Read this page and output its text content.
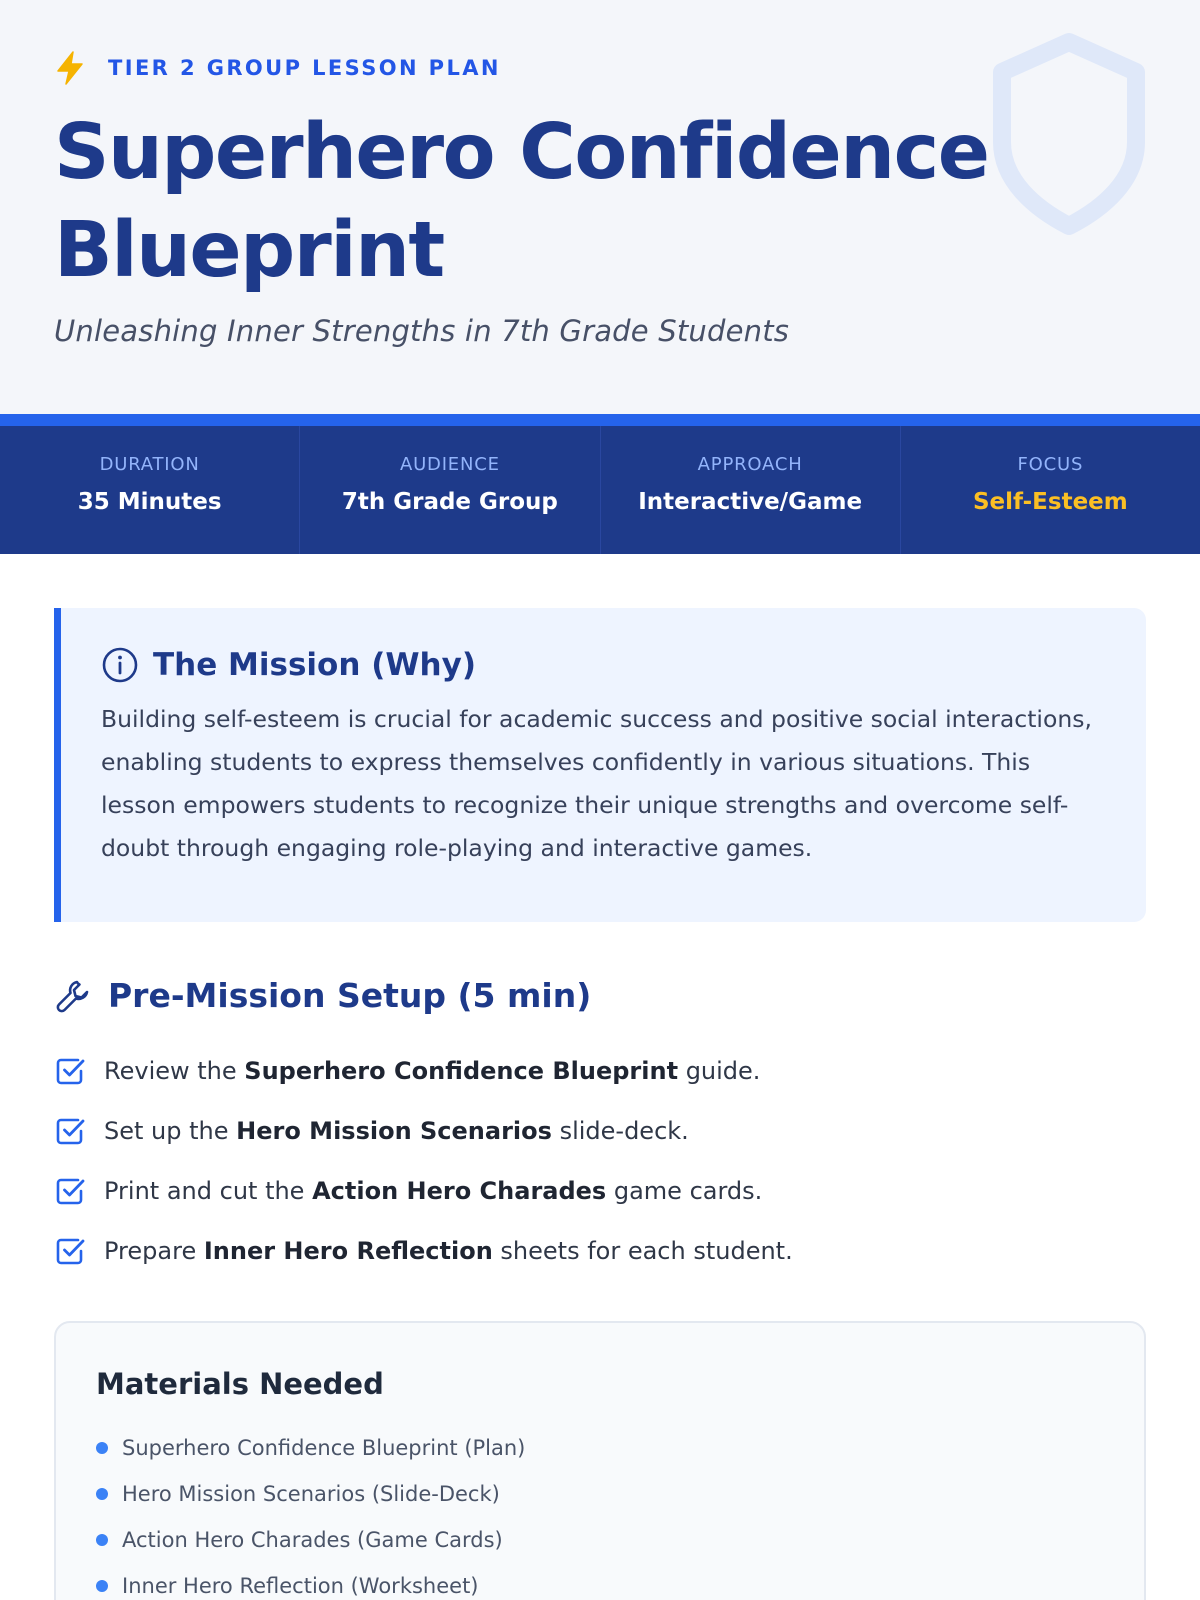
TIER 2 GROUP LESSON PLAN
Superhero Confidence Blueprint
Unleashing Inner Strengths in 7th Grade Students
DURATION
35 Minutes
AUDIENCE
7th Grade Group
APPROACH
Interactive/Game
FOCUS
Self-Esteem
The Mission (Why)

Building self-esteem is crucial for academic success and positive social interactions, enabling students to express themselves confidently in various situations. This lesson empowers students to recognize their unique strengths and overcome self-doubt through engaging role-playing and interactive games.

Pre-Mission Setup (5 min)
Review the Superhero Confidence Blueprint guide.
Set up the Hero Mission Scenarios slide-deck.
Print and cut the Action Hero Charades game cards.
Prepare Inner Hero Reflection sheets for each student.
Materials Needed
Superhero Confidence Blueprint (Plan)
Hero Mission Scenarios (Slide-Deck)
Action Hero Charades (Game Cards)
Inner Hero Reflection (Worksheet)
